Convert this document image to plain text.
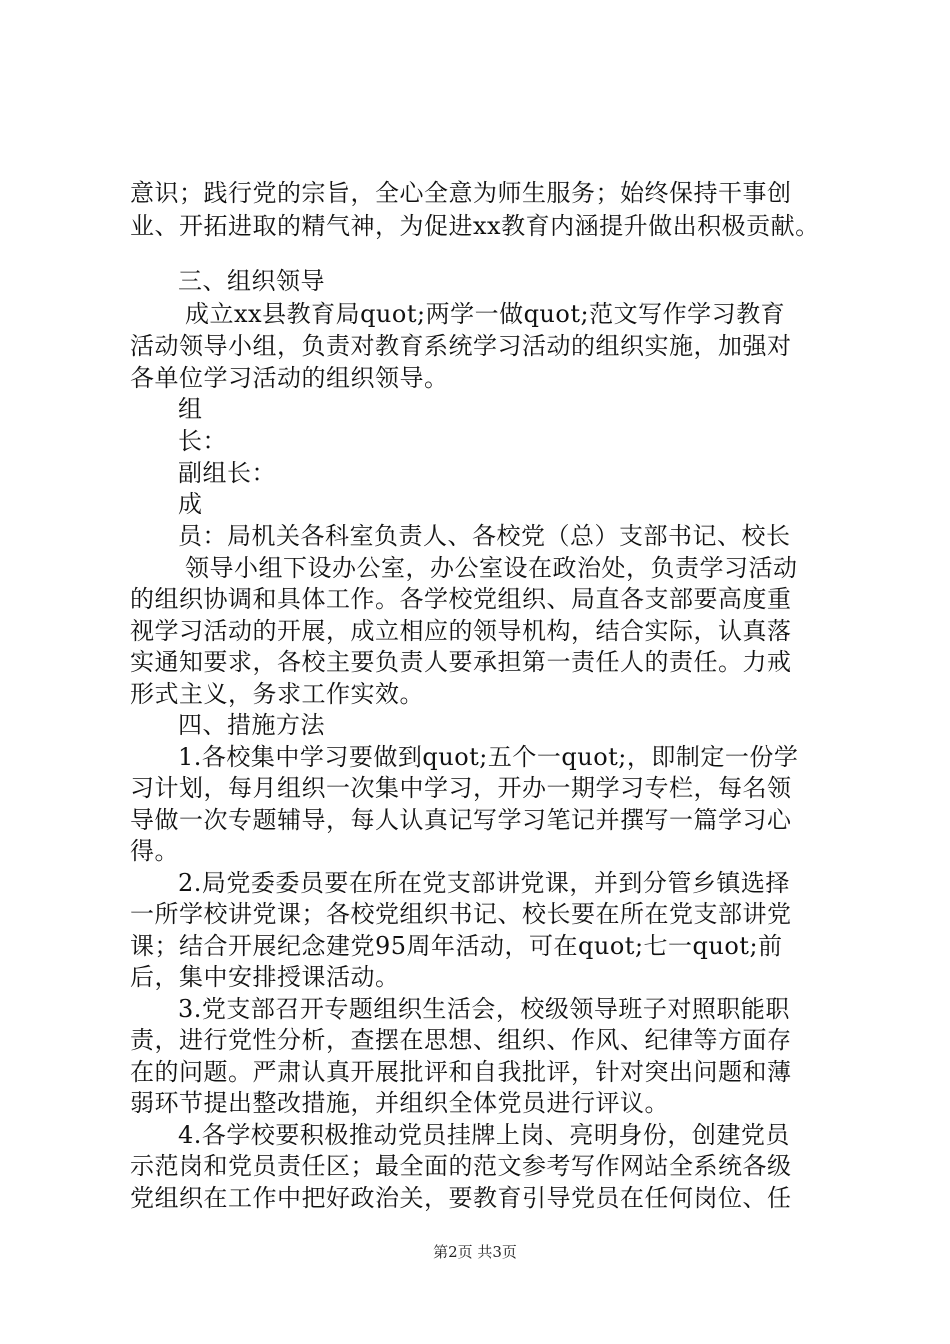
意识；践行党的宗旨，全心全意为师生服务；始终保持干事创
业、开拓进取的精气神，为促进xx教育内涵提升做出积极贡献。
三、组织领导
成立xx县教育局quot;两学一做quot;范文写作学习教育
活动领导小组，负责对教育系统学习活动的组织实施，加强对
各单位学习活动的组织领导。
组
长：
副组长：
成
员：局机关各科室负责人、各校党（总）支部书记、校长
领导小组下设办公室，办公室设在政治处，负责学习活动
的组织协调和具体工作。各学校党组织、局直各支部要高度重
视学习活动的开展，成立相应的领导机构，结合实际，认真落
实通知要求，各校主要负责人要承担第一责任人的责任。力戒
形式主义，务求工作实效。
四、措施方法
1.各校集中学习要做到quot;五个一quot;，即制定一份学
习计划，每月组织一次集中学习，开办一期学习专栏，每名领
导做一次专题辅导，每人认真记写学习笔记并撰写一篇学习心
得。
2.局党委委员要在所在党支部讲党课，并到分管乡镇选择
一所学校讲党课；各校党组织书记、校长要在所在党支部讲党
课；结合开展纪念建党95周年活动，可在quot;七一quot;前
后，集中安排授课活动。
3.党支部召开专题组织生活会，校级领导班子对照职能职
责，进行党性分析，查摆在思想、组织、作风、纪律等方面存
在的问题。严肃认真开展批评和自我批评，针对突出问题和薄
弱环节提出整改措施，并组织全体党员进行评议。
4.各学校要积极推动党员挂牌上岗、亮明身份，创建党员
示范岗和党员责任区；最全面的范文参考写作网站全系统各级
党组织在工作中把好政治关，要教育引导党员在任何岗位、任
第2页 共3页
